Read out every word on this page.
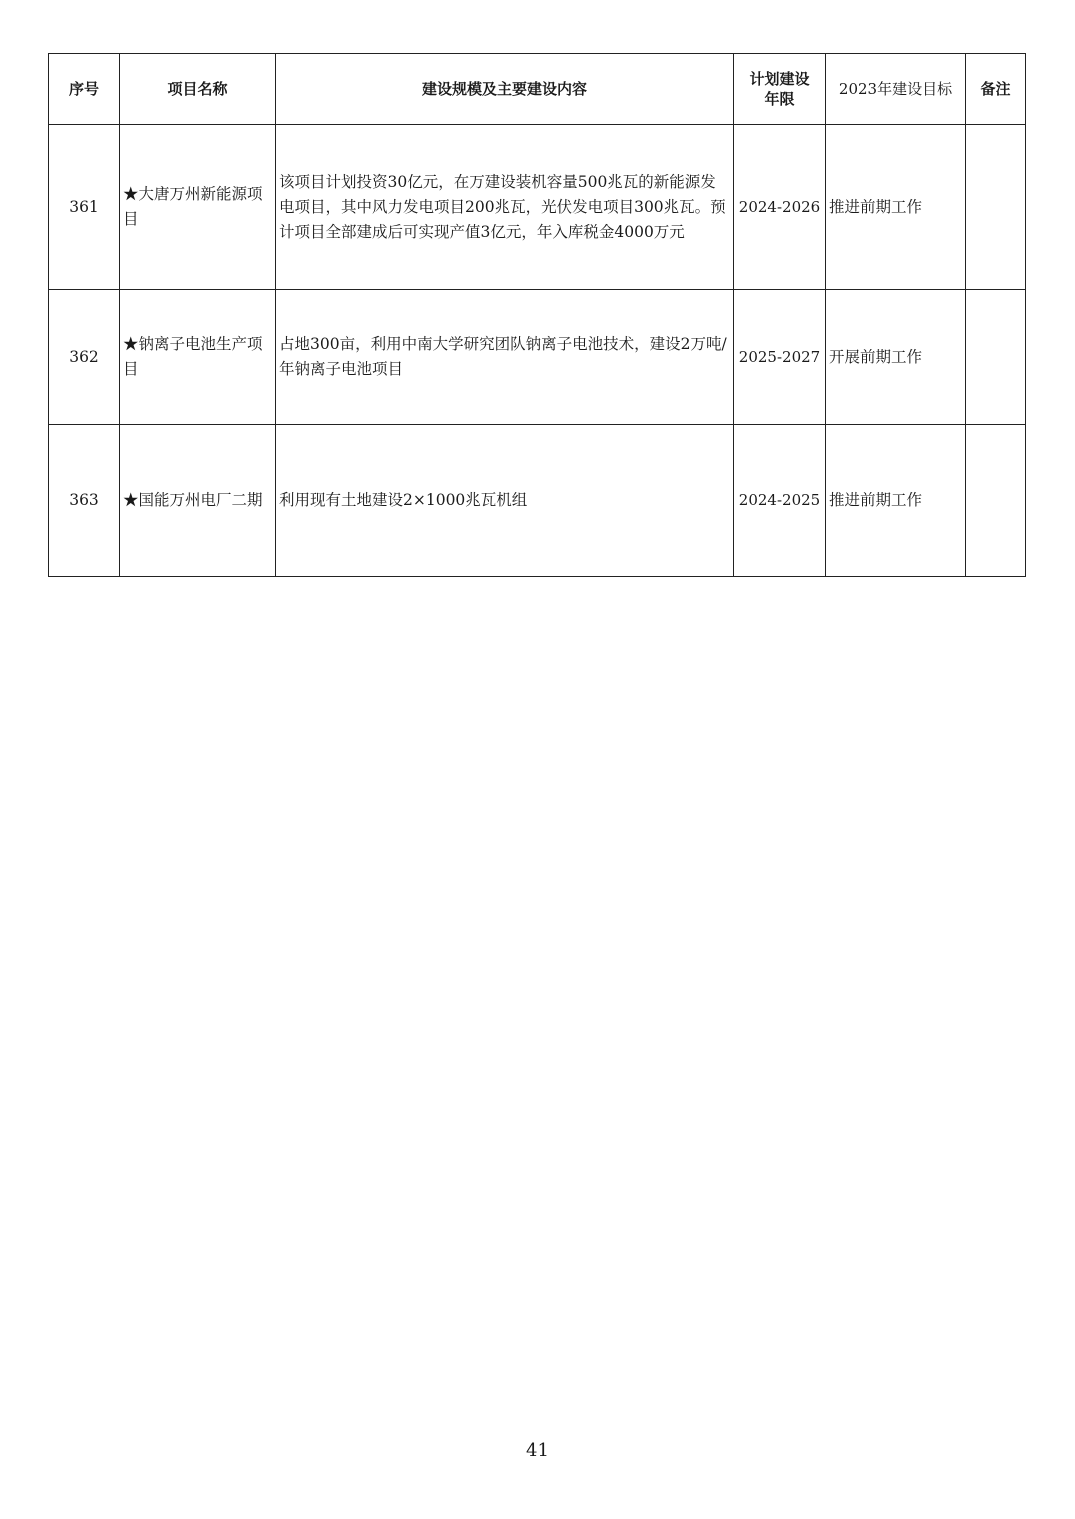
序号	项目名称	建设规模及主要建设内容	计划建设年限	2023年建设目标	备注
361	★大唐万州新能源项目	该项目计划投资30亿元，在万建设装机容量500兆瓦的新能源发电项目，其中风力发电项目200兆瓦，光伏发电项目300兆瓦。预计项目全部建成后可实现产值3亿元，年入库税金4000万元	2024-2026	推进前期工作	
362	★钠离子电池生产项目	占地300亩，利用中南大学研究团队钠离子电池技术，建设2万吨/年钠离子电池项目	2025-2027	开展前期工作	
363	★国能万州电厂二期	利用现有土地建设2×1000兆瓦机组	2024-2025	推进前期工作	
41
